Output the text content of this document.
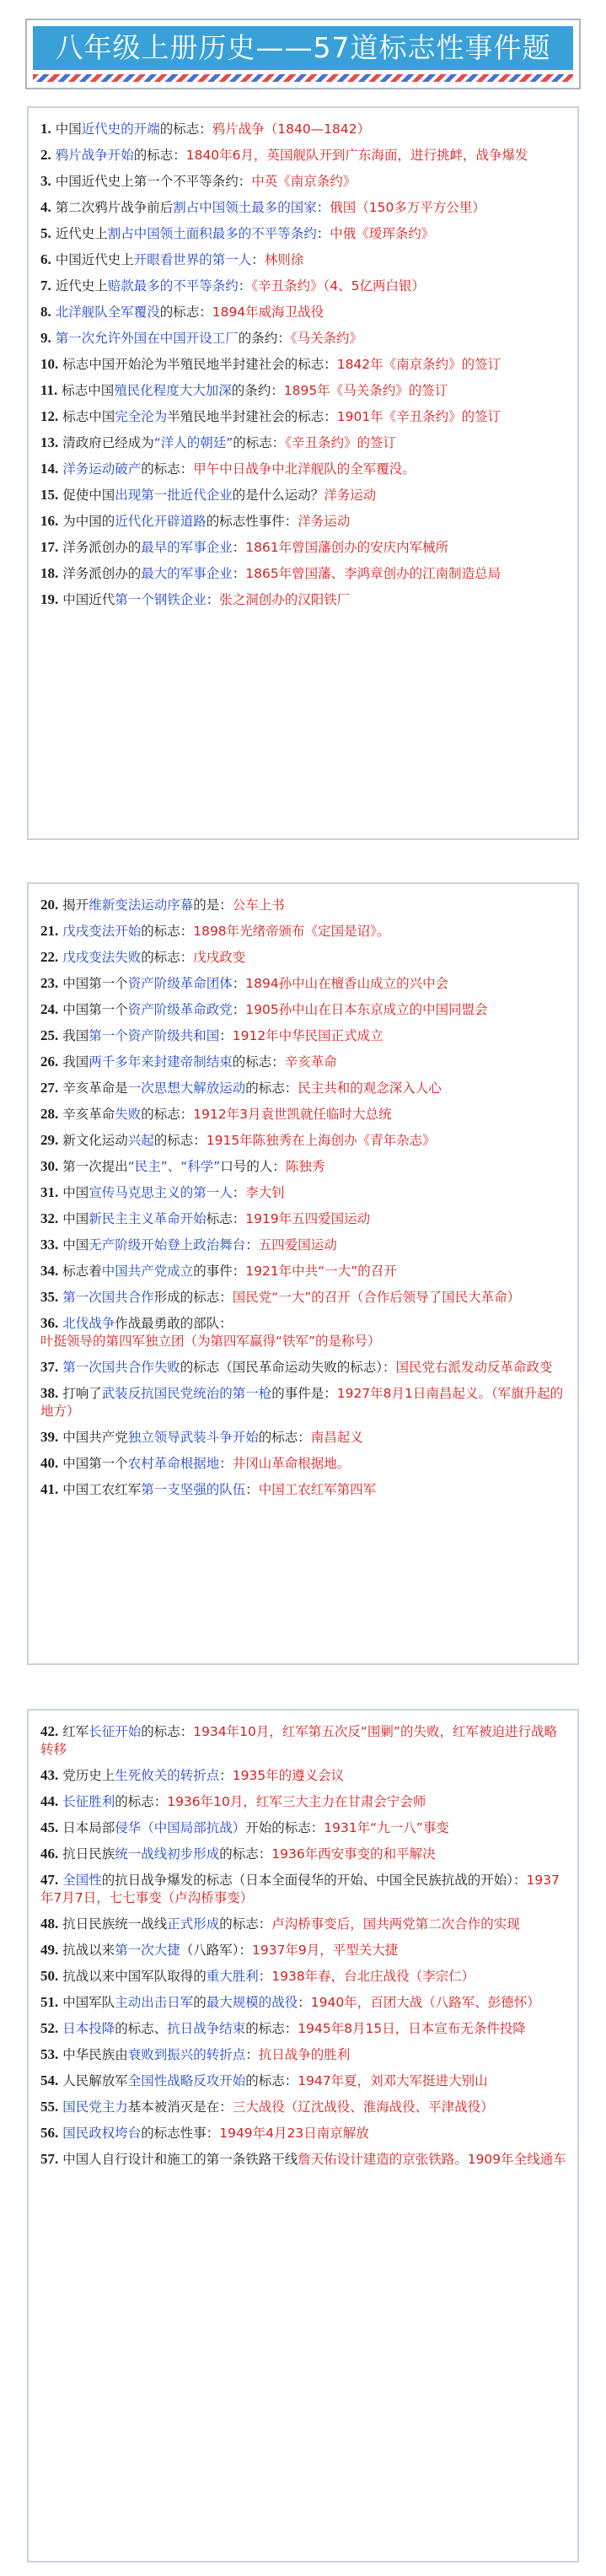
八年级上册历史——57道标志性事件题

1. 中国近代史的开端的标志：鸦片战争（1840—1842）

2. 鸦片战争开始的标志：1840年6月，英国舰队开到广东海面，进行挑衅，战争爆发

3. 中国近代史上第一个不平等条约：中英《南京条约》

4. 第二次鸦片战争前后割占中国领土最多的国家：俄国（150多万平方公里）

5. 近代史上割占中国领土面积最多的不平等条约：中俄《瑷珲条约》

6. 中国近代史上开眼看世界的第一人：林则徐

7. 近代史上赔款最多的不平等条约：《辛丑条约》（4、5亿两白银）

8. 北洋舰队全军覆没的标志：1894年威海卫战役

9. 第一次允许外国在中国开设工厂的条约：《马关条约》

10. 标志中国开始沦为半殖民地半封建社会的标志：1842年《南京条约》的签订

11. 标志中国殖民化程度大大加深的条约：1895年《马关条约》的签订

12. 标志中国完全沦为半殖民地半封建社会的标志：1901年《辛丑条约》的签订

13. 清政府已经成为“洋人的朝廷”的标志：《辛丑条约》的签订

14. 洋务运动破产的标志：甲午中日战争中北洋舰队的全军覆没。

15. 促使中国出现第一批近代企业的是什么运动？洋务运动

16. 为中国的近代化开辟道路的标志性事件：洋务运动

17. 洋务派创办的最早的军事企业：1861年曾国藩创办的安庆内军械所

18. 洋务派创办的最大的军事企业：1865年曾国藩、李鸿章创办的江南制造总局

19. 中国近代第一个钢铁企业：张之洞创办的汉阳铁厂

20. 揭开维新变法运动序幕的是：公车上书

21. 戊戌变法开始的标志：1898年光绪帝颁布《定国是诏》。

22. 戊戌变法失败的标志：戊戌政变

23. 中国第一个资产阶级革命团体：1894孙中山在檀香山成立的兴中会

24. 中国第一个资产阶级革命政党：1905孙中山在日本东京成立的中国同盟会

25. 我国第一个资产阶级共和国：1912年中华民国正式成立

26. 我国两千多年来封建帝制结束的标志：辛亥革命

27. 辛亥革命是一次思想大解放运动的标志：民主共和的观念深入人心

28. 辛亥革命失败的标志：1912年3月袁世凯就任临时大总统

29. 新文化运动兴起的标志：1915年陈独秀在上海创办《青年杂志》

30. 第一次提出“民主”、“科学”口号的人：陈独秀

31. 中国宣传马克思主义的第一人：李大钊

32. 中国新民主主义革命开始标志：1919年五四爱国运动

33. 中国无产阶级开始登上政治舞台：五四爱国运动

34. 标志着中国共产党成立的事件：1921年中共“一大”的召开

35. 第一次国共合作形成的标志：国民党“一大”的召开（合作后领导了国民大革命）

36. 北伐战争作战最勇敢的部队：叶挺领导的第四军独立团（为第四军赢得“铁军”的是称号）

37. 第一次国共合作失败的标志（国民革命运动失败的标志）：国民党右派发动反革命政变

38. 打响了武装反抗国民党统治的第一枪的事件是：1927年8月1日南昌起义。（军旗升起的地方）

39. 中国共产党独立领导武装斗争开始的标志：南昌起义

40. 中国第一个农村革命根据地：井冈山革命根据地。

41. 中国工农红军第一支坚强的队伍：中国工农红军第四军

42. 红军长征开始的标志：1934年10月，红军第五次反“围剿”的失败，红军被迫进行战略转移

43. 党历史上生死攸关的转折点：1935年的遵义会议

44. 长征胜利的标志：1936年10月，红军三大主力在甘肃会宁会师

45. 日本局部侵华（中国局部抗战）开始的标志：1931年“九一八”事变

46. 抗日民族统一战线初步形成的标志：1936年西安事变的和平解决

47. 全国性的抗日战争爆发的标志（日本全面侵华的开始、中国全民族抗战的开始）：1937年7月7日，七七事变（卢沟桥事变）

48. 抗日民族统一战线正式形成的标志：卢沟桥事变后，国共两党第二次合作的实现

49. 抗战以来第一次大捷（八路军）：1937年9月，平型关大捷

50. 抗战以来中国军队取得的重大胜利：1938年春，台北庄战役（李宗仁）

51. 中国军队主动出击日军的最大规模的战役：1940年，百团大战（八路军、彭德怀）

52. 日本投降的标志、抗日战争结束的标志：1945年8月15日，日本宣布无条件投降

53. 中华民族由衰败到振兴的转折点：抗日战争的胜利

54. 人民解放军全国性战略反攻开始的标志：1947年夏，刘邓大军挺进大别山

55. 国民党主力基本被消灭是在：三大战役（辽沈战役、淮海战役、平津战役）

56. 国民政权垮台的标志性事：1949年4月23日南京解放

57. 中国人自行设计和施工的第一条铁路干线詹天佑设计建造的京张铁路。1909年全线通车
